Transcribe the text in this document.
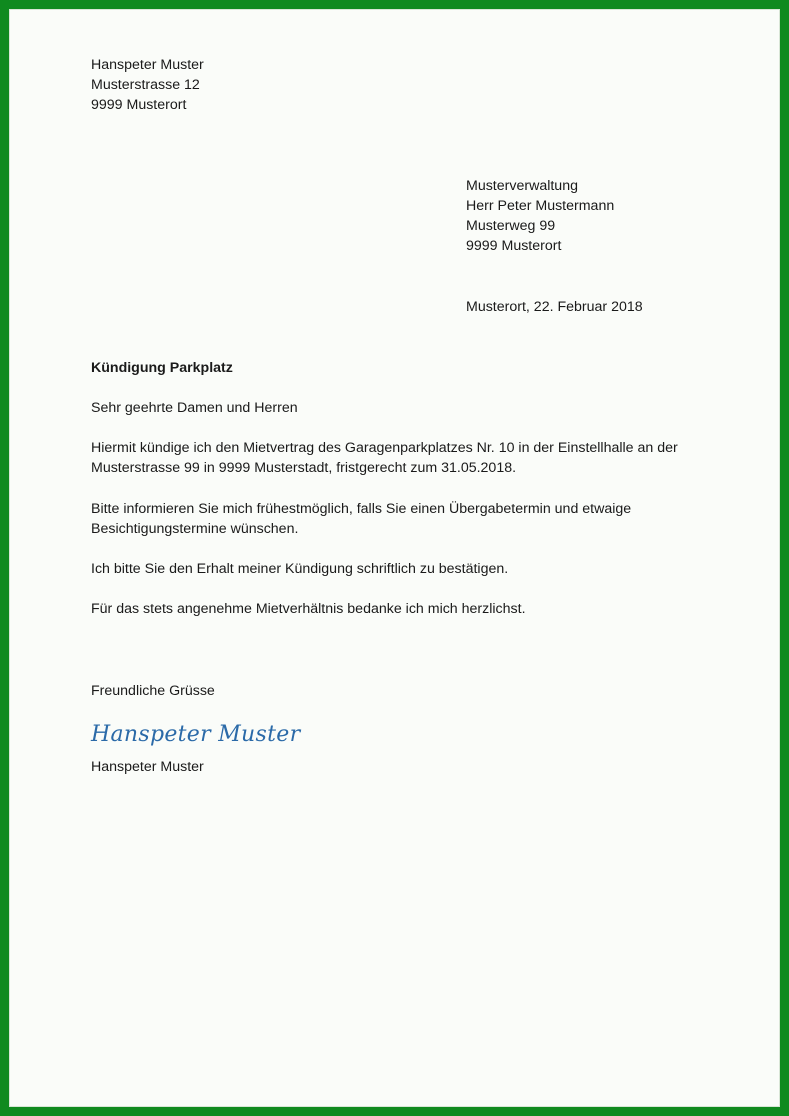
Hanspeter Muster
Musterstrasse 12
9999 Musterort
Musterverwaltung
Herr Peter Mustermann
Musterweg 99
9999 Musterort
Musterort, 22. Februar 2018
Kündigung Parkplatz
Sehr geehrte Damen und Herren
Hiermit kündige ich den Mietvertrag des Garagenparkplatzes Nr. 10 in der Einstellhalle an der
Musterstrasse 99 in 9999 Musterstadt, fristgerecht zum 31.05.2018.
Bitte informieren Sie mich frühestmöglich, falls Sie einen Übergabetermin und etwaige
Besichtigungstermine wünschen.
Ich bitte Sie den Erhalt meiner Kündigung schriftlich zu bestätigen.
Für das stets angenehme Mietverhältnis bedanke ich mich herzlichst.
Freundliche Grüsse
Hanspeter Muster
Hanspeter Muster
